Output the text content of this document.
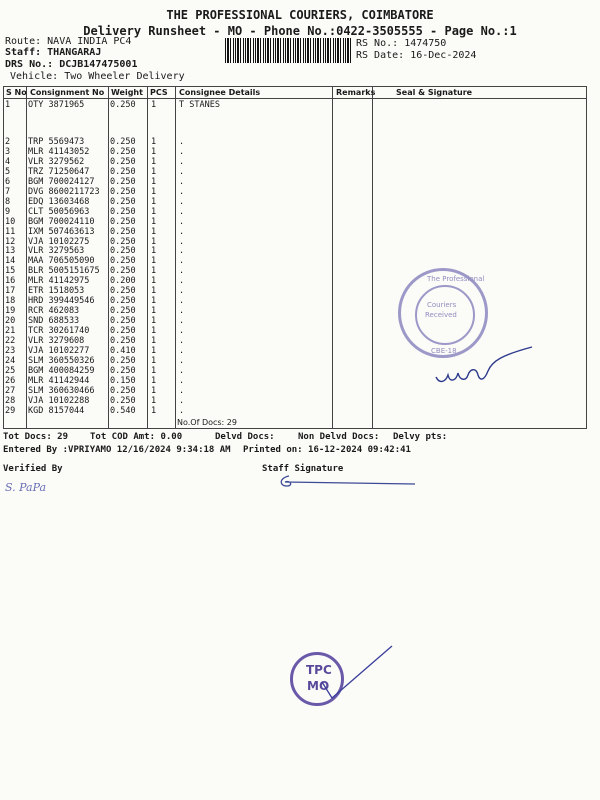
THE PROFESSIONAL COURIERS, COIMBATORE
Delivery Runsheet - MO - Phone No.:0422-3505555 - Page No.:1
Route: NAVA INDIA PC4
Staff: THANGARAJ
DRS No.: DCJB147475001
Vehicle: Two Wheeler Delivery
RS No.: 1474750
RS Date: 16-Dec-2024
S No Consignment No Weight PCS Consignee Details	Remarks	Seal & Signature
1 OTY 3871965	0.250 1	T STANES
2 TRP 5569473	0.250 1	.
3 MLR 41143052 0.250 1	.
4 VLR 3279562	0.250 1	.
5 TRZ 71250647 0.250 1	.
6 BGM 700024127 0.250 1	.
7 DVG 8600211723 0.250 1	.
8 EDQ 13603468 0.250 1	.
9 CLT 50056963 0.250 1	.
10 BGM 700024110 0.250 1	.
11 IXM 507463613 0.250 1	.
12 VJA 10102275 0.250 1	.
13 VLR 3279563	0.250 1	.
14 MAA 706505090 0.250 1	.
15 BLR 5005151675 0.250 1	.
16 MLR 41142975 0.200 1	.
17 ETR 1518053	0.250 1	.
18 HRD 399449546 0.250 1	.
19 RCR 462083	0.250 1	.
20 SND 688533	0.250 1	.
21 TCR 30261740 0.250 1	.
22 VLR 3279608	0.250 1	.
23 VJA 10102277 0.410 1	.
24 SLM 360550326 0.250 1	.
25 BGM 400084259 0.250 1	.
26 MLR 41142944 0.150 1	.
27 SLM 360630466 0.250 1	.
28 VJA 10102288 0.250 1	.
29 KGD 8157044	0.540 1	.
No.Of Docs: 29
Tot Docs: 29 Tot COD Amt: 0.00	Delvd Docs:	Non Delvd Docs: Delvy pts:
Entered By :VPRIYAMO 12/16/2024 9:34:18 AM Printed on: 16-12-2024 09:42:41
Verified By	Staff Signature
S. PaPa
The Professional
Couriers
Received
CBE-18
TPC
MO
